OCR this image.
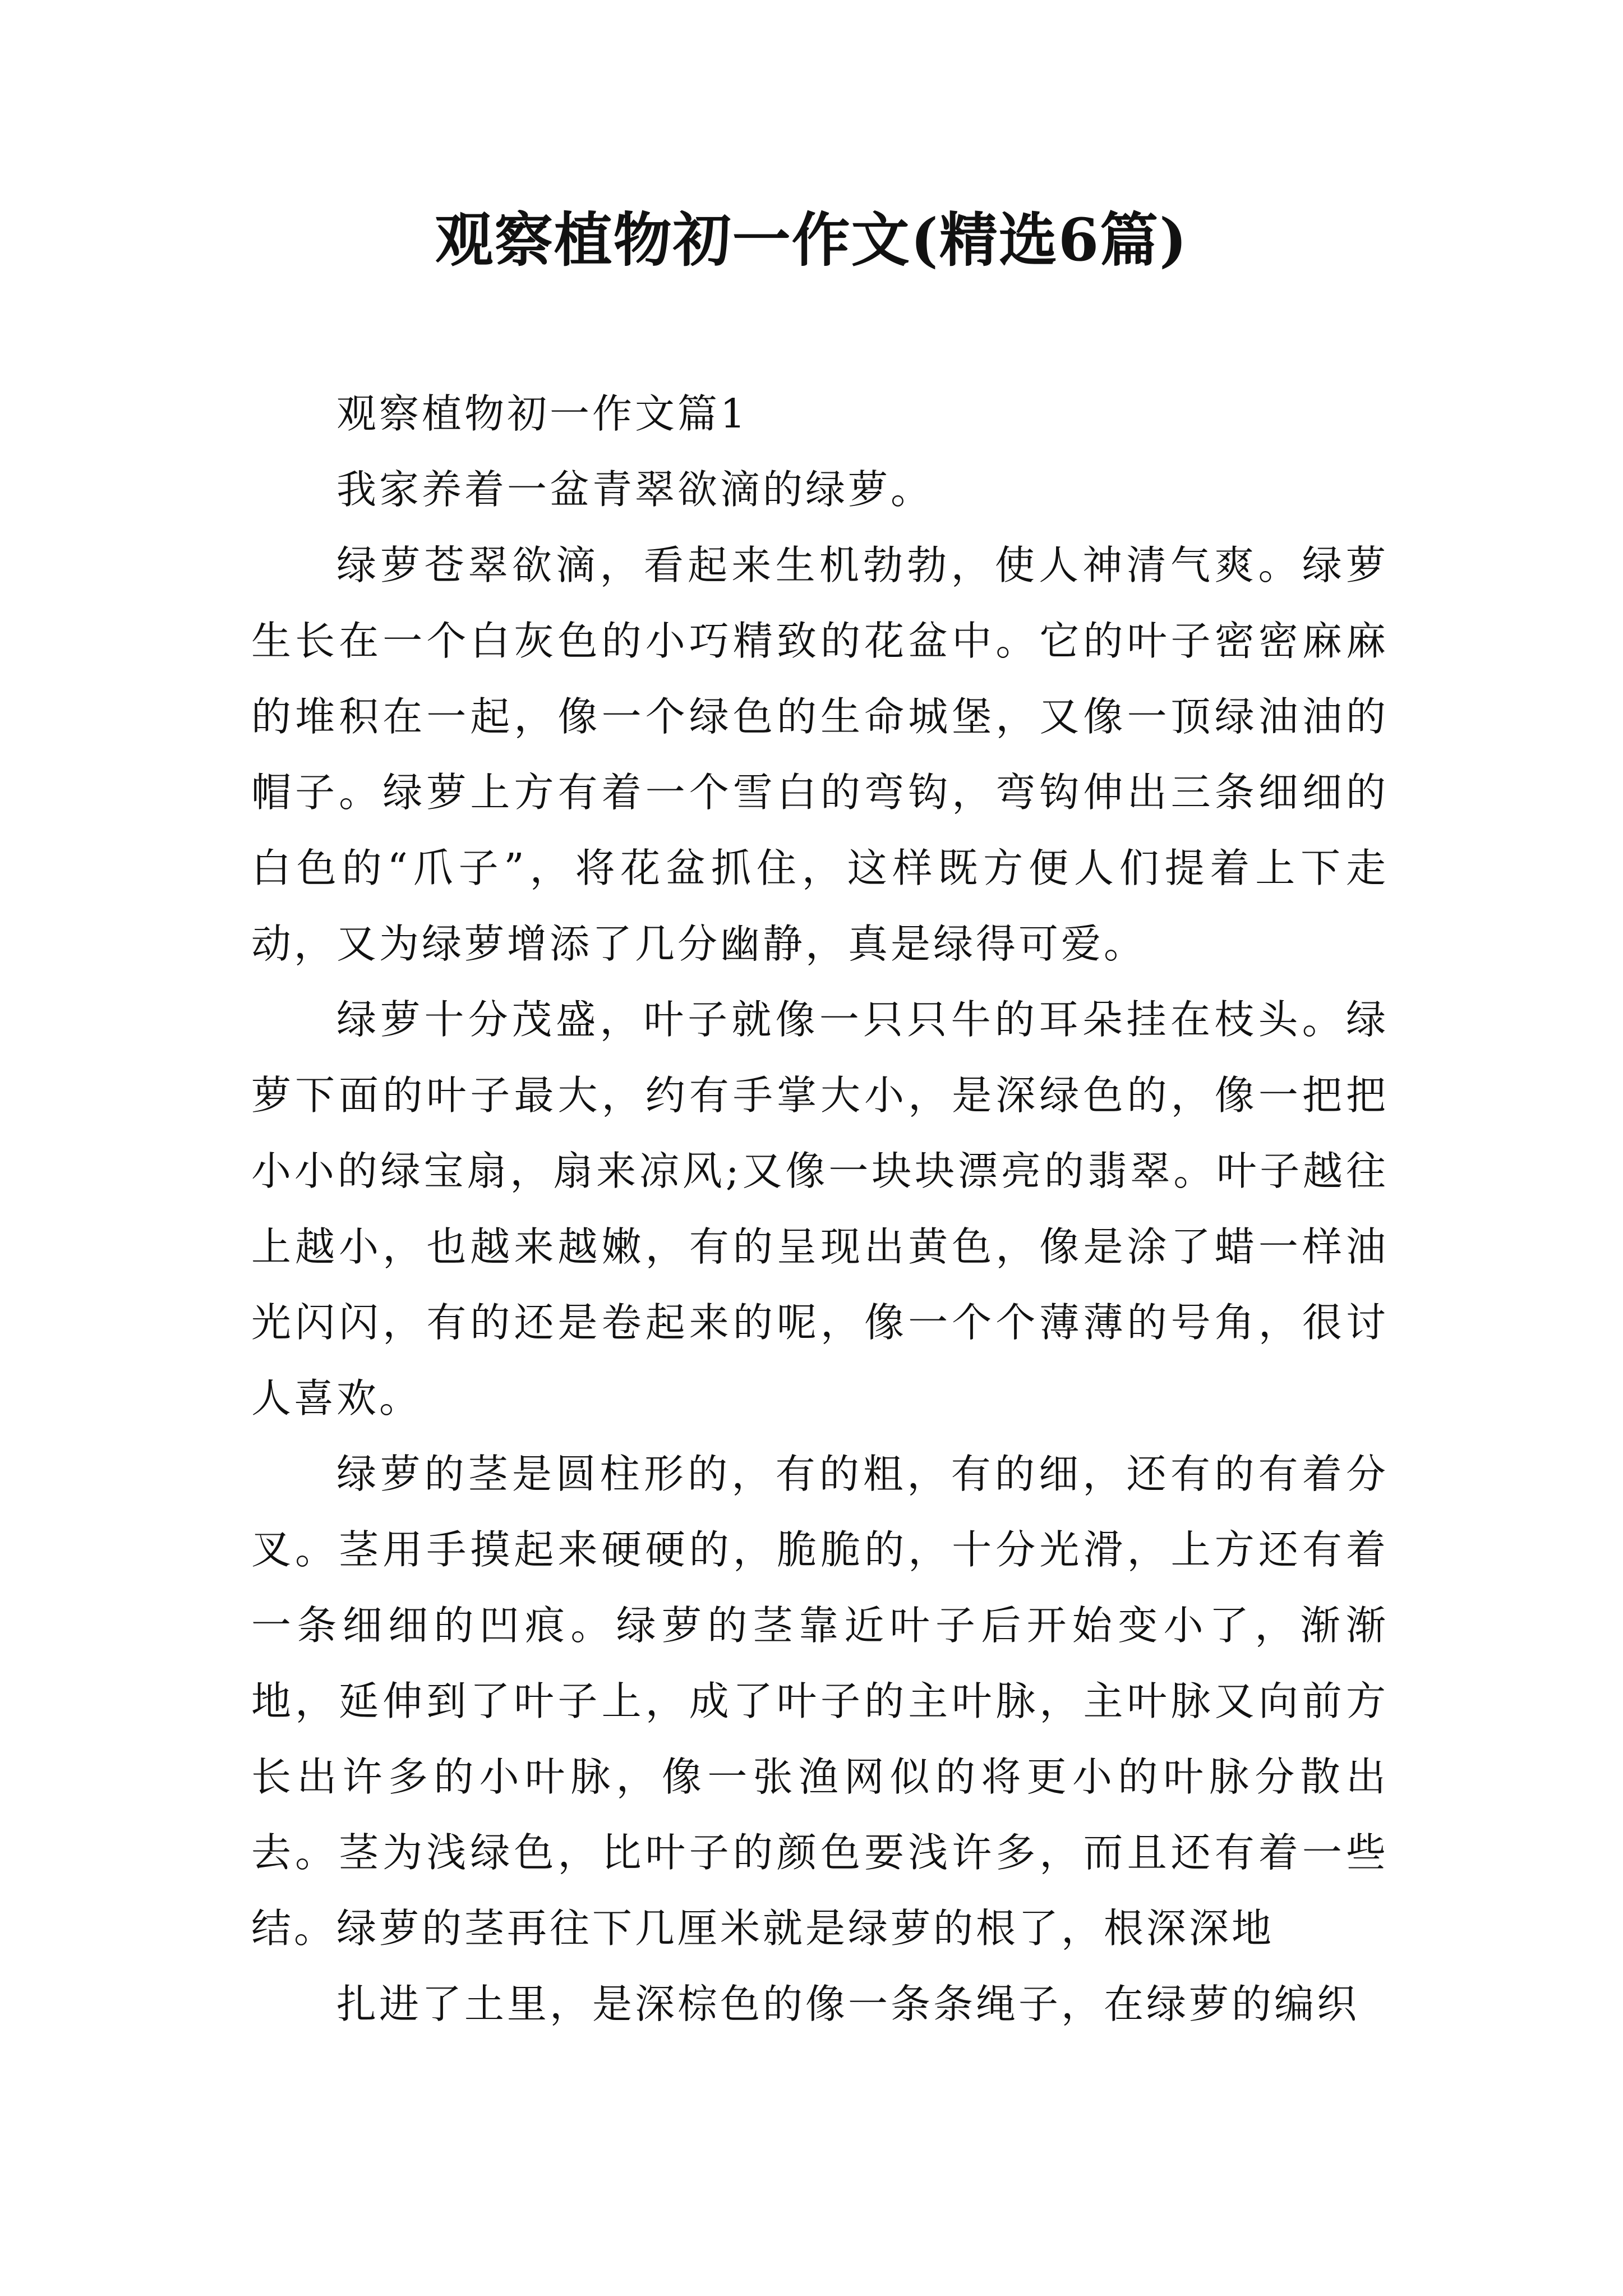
观察植物初一作文(精选6篇)

观察植物初一作文篇1

我家养着一盆青翠欲滴的绿萝。

绿萝苍翠欲滴，看起来生机勃勃，使人神清气爽。绿萝生长在一个白灰色的小巧精致的花盆中。它的叶子密密麻麻的堆积在一起，像一个绿色的生命城堡，又像一顶绿油油的帽子。绿萝上方有着一个雪白的弯钩，弯钩伸出三条细细的白色的“爪子”，将花盆抓住，这样既方便人们提着上下走动，又为绿萝增添了几分幽静，真是绿得可爱。

绿萝十分茂盛，叶子就像一只只牛的耳朵挂在枝头。绿萝下面的叶子最大，约有手掌大小，是深绿色的，像一把把小小的绿宝扇，扇来凉风;又像一块块漂亮的翡翠。叶子越往上越小，也越来越嫩，有的呈现出黄色，像是涂了蜡一样油光闪闪，有的还是卷起来的呢，像一个个薄薄的号角，很讨人喜欢。

绿萝的茎是圆柱形的，有的粗，有的细，还有的有着分叉。茎用手摸起来硬硬的，脆脆的，十分光滑，上方还有着一条细细的凹痕。绿萝的茎靠近叶子后开始变小了，渐渐地，延伸到了叶子上，成了叶子的主叶脉，主叶脉又向前方长出许多的小叶脉，像一张渔网似的将更小的叶脉分散出去。茎为浅绿色，比叶子的颜色要浅许多，而且还有着一些结。绿萝的茎再往下几厘米就是绿萝的根了，根深深地

扎进了土里，是深棕色的像一条条绳子，在绿萝的编织
